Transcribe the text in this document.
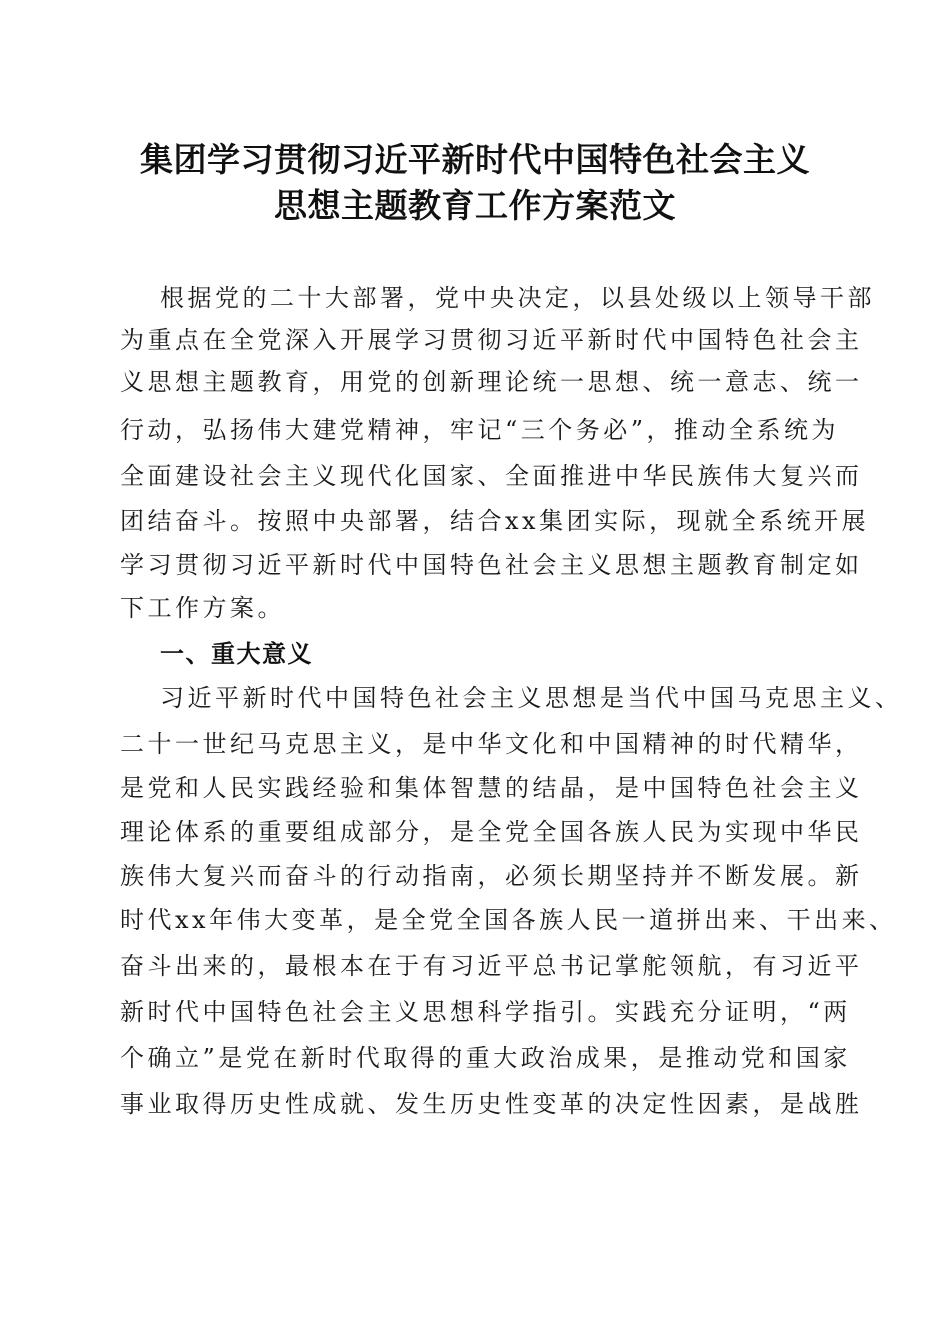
集团学习贯彻习近平新时代中国特色社会主义
思想主题教育工作方案范文
根据党的二十大部署，党中央决定，以县处级以上领导干部
为重点在全党深入开展学习贯彻习近平新时代中国特色社会主
义思想主题教育，用党的创新理论统一思想、统一意志、统一
行动，弘扬伟大建党精神，牢记“三个务必”，推动全系统为
全面建设社会主义现代化国家、全面推进中华民族伟大复兴而
团结奋斗。按照中央部署，结合xx集团实际，现就全系统开展
学习贯彻习近平新时代中国特色社会主义思想主题教育制定如
下工作方案。
一、重大意义
习近平新时代中国特色社会主义思想是当代中国马克思主义、
二十一世纪马克思主义，是中华文化和中国精神的时代精华，
是党和人民实践经验和集体智慧的结晶，是中国特色社会主义
理论体系的重要组成部分，是全党全国各族人民为实现中华民
族伟大复兴而奋斗的行动指南，必须长期坚持并不断发展。新
时代xx年伟大变革，是全党全国各族人民一道拼出来、干出来、
奋斗出来的，最根本在于有习近平总书记掌舵领航，有习近平
新时代中国特色社会主义思想科学指引。实践充分证明，“两
个确立”是党在新时代取得的重大政治成果，是推动党和国家
事业取得历史性成就、发生历史性变革的决定性因素，是战胜
